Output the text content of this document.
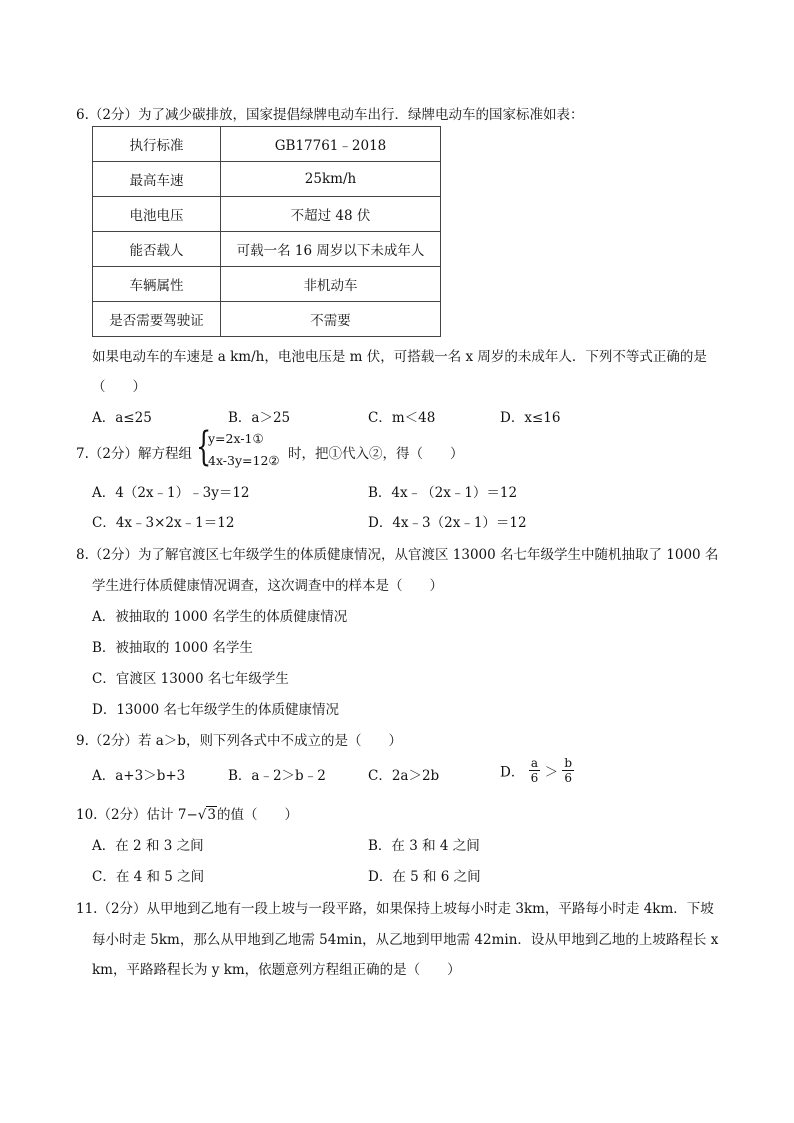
6.（2分）为了减少碳排放，国家提倡绿牌电动车出行．绿牌电动车的国家标准如表：
执行标准	GB17761﹣2018
最高车速	25km/h
电池电压	不超过 48 伏
能否载人	可载一名 16 周岁以下未成年人
车辆属性	非机动车
是否需要驾驶证	不需要
如果电动车的车速是 a km/h，电池电压是 m 伏，可搭载一名 x 周岁的未成年人．下列不等式正确的是
（　　）
A．a≤25	B．a＞25	C．m＜48	D．x≤16
7.（2分）解方程组 {
y=2x-1①
4x-3y=12② 时，把①代入②，得（　　）
A．4（2x﹣1）﹣3y＝12	B．4x﹣（2x﹣1）＝12
C．4x﹣3×2x﹣1＝12	D．4x﹣3（2x﹣1）＝12
8.（2分）为了解官渡区七年级学生的体质健康情况，从官渡区 13000 名七年级学生中随机抽取了 1000 名
学生进行体质健康情况调查，这次调查中的样本是（　　）
A．被抽取的 1000 名学生的体质健康情况
B．被抽取的 1000 名学生
C．官渡区 13000 名七年级学生
D．13000 名七年级学生的体质健康情况
9.（2分）若 a＞b，则下列各式中不成立的是（　　）
A．a+3＞b+3	B．a﹣2＞b﹣2	C．2a＞2b	D． $\frac{a}{6} > \frac{b}{6}$
10.（2分）估计 7−√3的值（　　）
A．在 2 和 3 之间	B．在 3 和 4 之间
C．在 4 和 5 之间	D．在 5 和 6 之间
11.（2分）从甲地到乙地有一段上坡与一段平路，如果保持上坡每小时走 3km，平路每小时走 4km．下坡
每小时走 5km，那么从甲地到乙地需 54min，从乙地到甲地需 42min．设从甲地到乙地的上坡路程长 x
km，平路路程长为 y km，依题意列方程组正确的是（　　）
